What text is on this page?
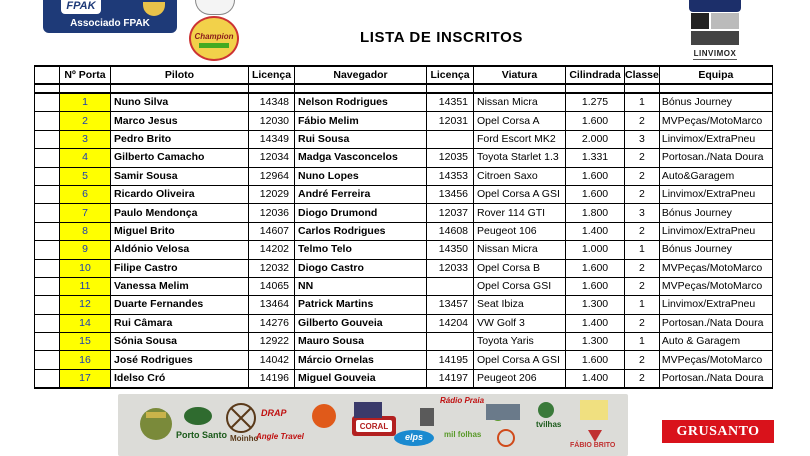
FPAK
Associado FPAK
Champion
LINVIMOX
LISTA DE INSCRITOS
	Nº Porta	Piloto	Licença	Navegador	Licença	Viatura	Cilindrada	Classe	Equipa

	1	Nuno Silva	14348	Nelson Rodrigues	14351	Nissan Micra	1.275	1	Bónus Journey
	2	Marco Jesus	12030	Fábio Melim	12031	Opel Corsa A	1.600	2	MVPeças/MotoMarco
	3	Pedro Brito	14349	Rui Sousa		Ford Escort MK2	2.000	3	Linvimox/ExtraPneu
	4	Gilberto Camacho	12034	Madga Vasconcelos	12035	Toyota Starlet 1.3	1.331	2	Portosan./Nata Doura
	5	Samir Sousa	12964	Nuno Lopes	14353	Citroen Saxo	1.600	2	Auto&Garagem
	6	Ricardo Oliveira	12029	André Ferreira	13456	Opel Corsa A GSI	1.600	2	Linvimox/ExtraPneu
	7	Paulo Mendonça	12036	Diogo Drumond	12037	Rover 114 GTI	1.800	3	Bónus Journey
	8	Miguel Brito	14607	Carlos Rodrigues	14608	Peugeot 106	1.400	2	Linvimox/ExtraPneu
	9	Aldónio Velosa	14202	Telmo Telo	14350	Nissan Micra	1.000	1	Bónus Journey
	10	Filipe Castro	12032	Diogo Castro	12033	Opel Corsa B	1.600	2	MVPeças/MotoMarco
	11	Vanessa Melim	14065	NN		Opel Corsa GSI	1.600	2	MVPeças/MotoMarco
	12	Duarte Fernandes	13464	Patrick Martins	13457	Seat Ibiza	1.300	1	Linvimox/ExtraPneu
	14	Rui Câmara	14276	Gilberto Gouveia	14204	VW Golf 3	1.400	2	Portosan./Nata Doura
	15	Sónia Sousa	12922	Mauro Sousa		Toyota Yaris	1.300	1	Auto & Garagem
	16	José Rodrigues	14042	Márcio Ornelas	14195	Opel Corsa A GSI	1.600	2	MVPeças/MotoMarco
	17	Idelso Cró	14196	Miguel Gouveia	14197	Peugeot 206	1.400	2	Portosan./Nata Doura
Porto Santo Moinho
DRAP
Angle Travel
CORAL
elps	mil folhas
Rádio Praia
tvilhas
FÁBIO BRITO
GRUSANTO
